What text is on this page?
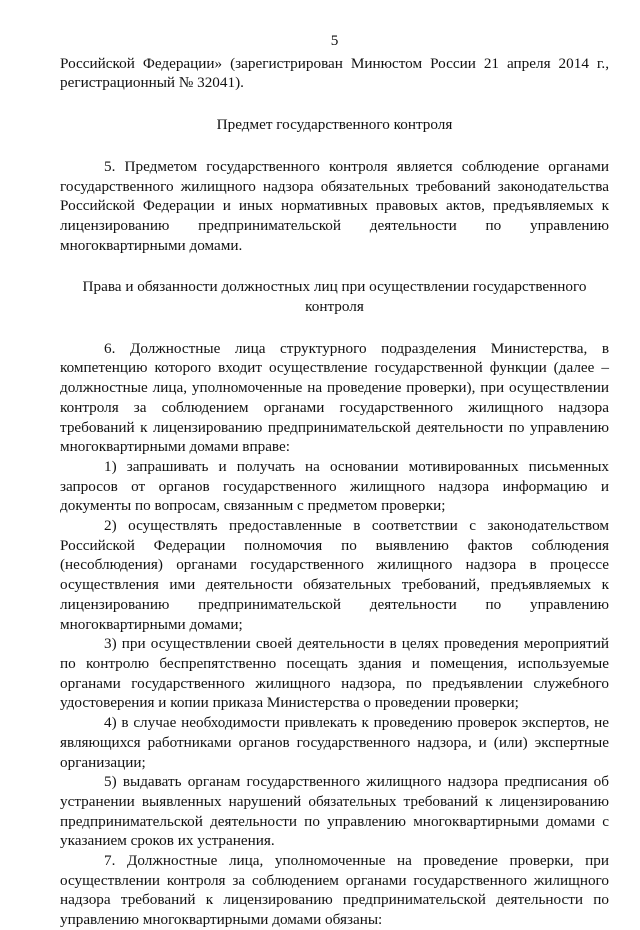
5

Российской Федерации» (зарегистрирован Минюстом России 21 апреля 2014 г., регистрационный № 32041).

Предмет государственного контроля

5. Предметом государственного контроля является соблюдение органами государственного жилищного надзора обязательных требований законодательства Российской Федерации и иных нормативных правовых актов, предъявляемых к лицензированию предпринимательской деятельности по управлению многоквартирными домами.

Права и обязанности должностных лиц при осуществлении государственного контроля

6. Должностные лица структурного подразделения Министерства, в компетенцию которого входит осуществление государственной функции (далее – должностные лица, уполномоченные на проведение проверки), при осуществлении контроля за соблюдением органами государственного жилищного надзора требований к лицензированию предпринимательской деятельности по управлению многоквартирными домами вправе:

1) запрашивать и получать на основании мотивированных письменных запросов от органов государственного жилищного надзора информацию и документы по вопросам, связанным с предметом проверки;

2) осуществлять предоставленные в соответствии с законодательством Российской Федерации полномочия по выявлению фактов соблюдения (несоблюдения) органами государственного жилищного надзора в процессе осуществления ими деятельности обязательных требований, предъявляемых к лицензированию предпринимательской деятельности по управлению многоквартирными домами;

3) при осуществлении своей деятельности в целях проведения мероприятий по контролю беспрепятственно посещать здания и помещения, используемые органами государственного жилищного надзора, по предъявлении служебного удостоверения и копии приказа Министерства о проведении проверки;

4) в случае необходимости привлекать к проведению проверок экспертов, не являющихся работниками органов государственного надзора, и (или) экспертные организации;

5) выдавать органам государственного жилищного надзора предписания об устранении выявленных нарушений обязательных требований к лицензированию предпринимательской деятельности по управлению многоквартирными домами с указанием сроков их устранения.

7. Должностные лица, уполномоченные на проведение проверки, при осуществлении контроля за соблюдением органами государственного жилищного надзора требований к лицензированию предпринимательской деятельности по управлению многоквартирными домами обязаны:
